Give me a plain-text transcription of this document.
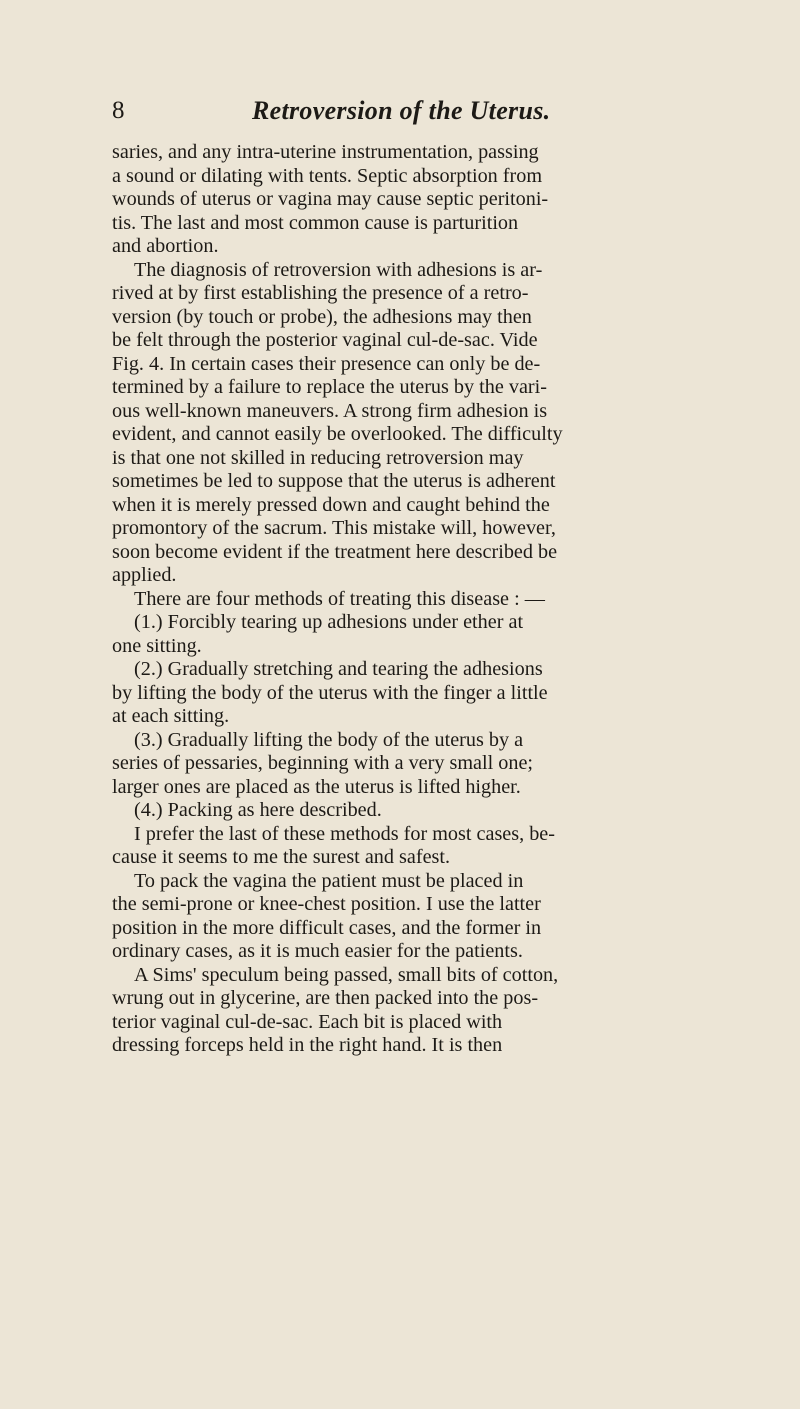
8	Retroversion of the Uterus.
saries, and any intra-uterine instrumentation, passing
a sound or dilating with tents. Septic absorption from
wounds of uterus or vagina may cause septic peritoni-
tis. The last and most common cause is parturition
and abortion.
The diagnosis of retroversion with adhesions is ar-
rived at by first establishing the presence of a retro-
version (by touch or probe), the adhesions may then
be felt through the posterior vaginal cul-de-sac. Vide
Fig. 4. In certain cases their presence can only be de-
termined by a failure to replace the uterus by the vari-
ous well-known maneuvers. A strong firm adhesion is
evident, and cannot easily be overlooked. The difficulty
is that one not skilled in reducing retroversion may
sometimes be led to suppose that the uterus is adherent
when it is merely pressed down and caught behind the
promontory of the sacrum. This mistake will, however,
soon become evident if the treatment here described be
applied.
There are four methods of treating this disease : —
(1.) Forcibly tearing up adhesions under ether at
one sitting.
(2.) Gradually stretching and tearing the adhesions
by lifting the body of the uterus with the finger a little
at each sitting.
(3.) Gradually lifting the body of the uterus by a
series of pessaries, beginning with a very small one;
larger ones are placed as the uterus is lifted higher.
(4.) Packing as here described.
I prefer the last of these methods for most cases, be-
cause it seems to me the surest and safest.
To pack the vagina the patient must be placed in
the semi-prone or knee-chest position. I use the latter
position in the more difficult cases, and the former in
ordinary cases, as it is much easier for the patients.
A Sims' speculum being passed, small bits of cotton,
wrung out in glycerine, are then packed into the pos-
terior vaginal cul-de-sac. Each bit is placed with
dressing forceps held in the right hand. It is then
